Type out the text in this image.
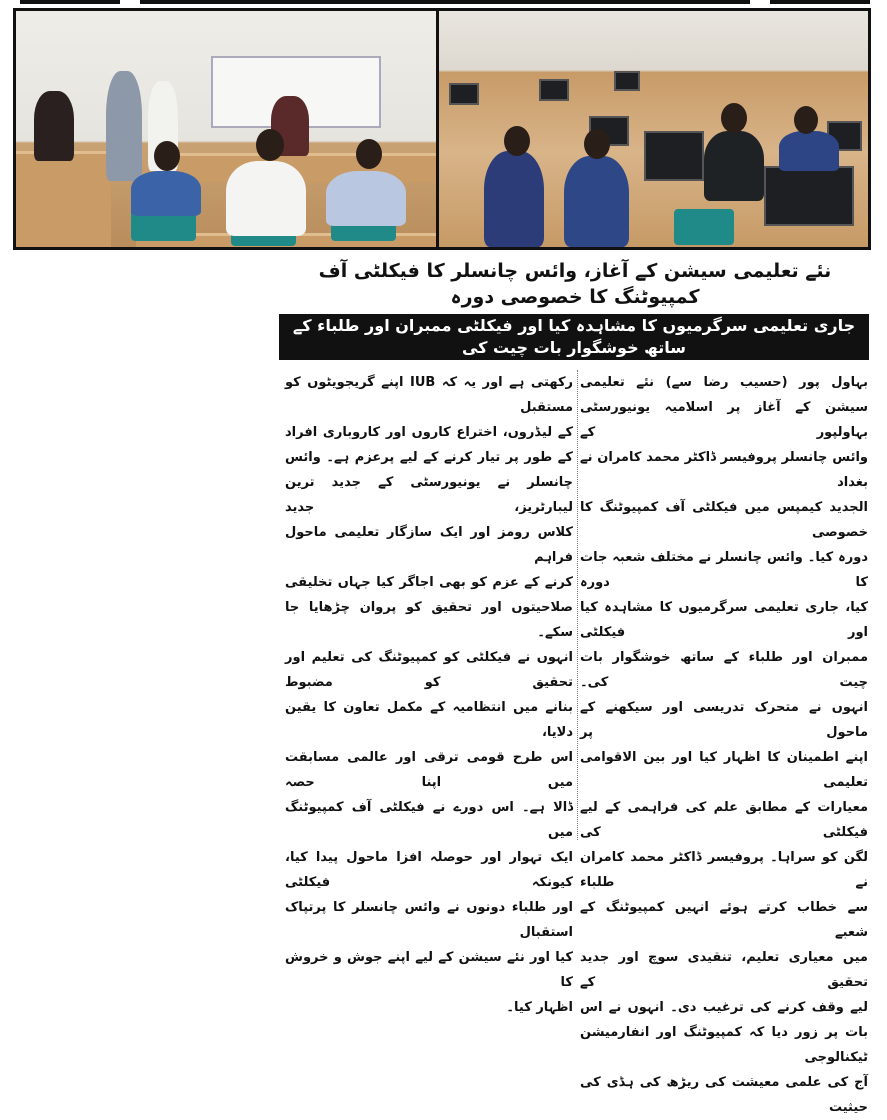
نئے تعلیمی سیشن کے آغاز، وائس چانسلر کا فیکلٹی آف کمپیوٹنگ کا خصوصی دورہ
جاری تعلیمی سرگرمیوں کا مشاہدہ کیا اور فیکلٹی ممبران اور طلباء کے ساتھ خوشگوار بات چیت کی
بہاول پور (حسیب رضا سے) نئے تعلیمی
سیشن کے آغاز پر اسلامیہ یونیورسٹی بہاولپور کے
وائس چانسلر پروفیسر ڈاکٹر محمد کامران نے بغداد
الجدید کیمپس میں فیکلٹی آف کمپیوٹنگ کا خصوصی
دورہ کیا۔ وائس چانسلر نے مختلف شعبہ جات کا دورہ
کیا، جاری تعلیمی سرگرمیوں کا مشاہدہ کیا اور فیکلٹی
ممبران اور طلباء کے ساتھ خوشگوار بات چیت کی۔
انہوں نے متحرک تدریسی اور سیکھنے کے ماحول پر
اپنے اطمینان کا اظہار کیا اور بین الاقوامی تعلیمی
معیارات کے مطابق علم کی فراہمی کے لیے فیکلٹی کی
لگن کو سراہا۔ پروفیسر ڈاکٹر محمد کامران نے طلباء
سے خطاب کرتے ہوئے انہیں کمپیوٹنگ کے شعبے
میں معیاری تعلیم، تنقیدی سوچ اور جدید تحقیق کے
لیے وقف کرنے کی ترغیب دی۔ انہوں نے اس
بات پر زور دیا کہ کمپیوٹنگ اور انفارمیشن ٹیکنالوجی
آج کی علمی معیشت کی ریڑھ کی ہڈی کی حیثیت
رکھتی ہے اور یہ کہ IUB اپنے گریجویٹوں کو مستقبل
کے لیڈروں، اختراع کاروں اور کاروباری افراد
کے طور پر تیار کرنے کے لیے پرعزم ہے۔ وائس
چانسلر نے یونیورسٹی کے جدید ترین لیبارٹریز، جدید
کلاس رومز اور ایک سازگار تعلیمی ماحول فراہم
کرنے کے عزم کو بھی اجاگر کیا جہاں تخلیقی
صلاحیتوں اور تحقیق کو پروان چڑھایا جا سکے۔
انہوں نے فیکلٹی کو کمپیوٹنگ کی تعلیم اور تحقیق کو مضبوط
بنانے میں انتظامیہ کے مکمل تعاون کا یقین دلایا،
اس طرح قومی ترقی اور عالمی مسابقت میں اپنا حصہ
ڈالا ہے۔ اس دورے نے فیکلٹی آف کمپیوٹنگ میں
ایک تہوار اور حوصلہ افزا ماحول پیدا کیا، کیونکہ فیکلٹی
اور طلباء دونوں نے وائس چانسلر کا پرتپاک استقبال
کیا اور نئے سیشن کے لیے اپنے جوش و خروش کا
اظہار کیا۔
